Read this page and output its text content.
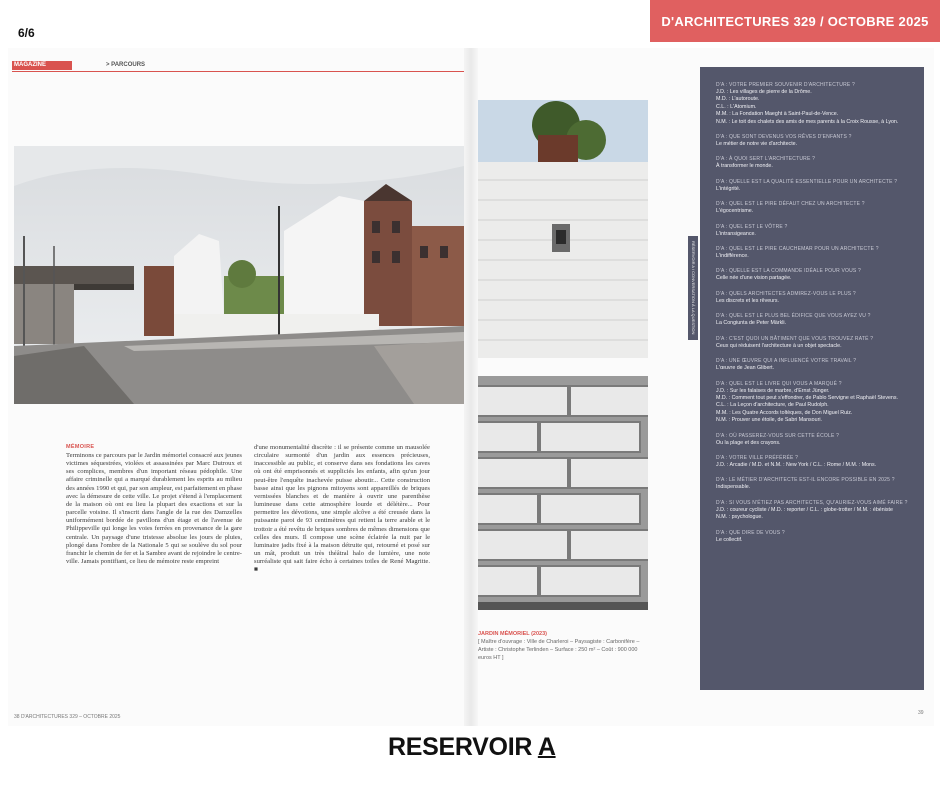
6/6
D'ARCHITECTURES 329 / OCTOBRE 2025
MAGAZINE	> PARCOURS
MÉMOIRE
Terminons ce parcours par le Jardin mémoriel consacré aux jeunes victimes séquestrées, violées et assassinées par Marc Dutroux et ses complices, membres d'un important réseau pédophile. Une affaire criminelle qui a marqué durablement les esprits au milieu des années 1990 et qui, par son ampleur, est parfaitement en phase avec la démesure de cette ville. Le projet s'étend à l'emplacement de la maison où ont eu lieu la plupart des exactions et sur la parcelle voisine. Il s'inscrit dans l'angle de la rue des Damzelles uniformément bordée de pavillons d'un étage et de l'avenue de Philippeville qui longe les voies ferrées en provenance de la gare centrale. Un paysage d'une tristesse absolue les jours de pluies, plongé dans l'ombre de la Nationale 5 qui se soulève du sol pour franchir le chemin de fer et la Sambre avant de rejoindre le centre-ville. Jamais pontifiant, ce lieu de mémoire reste empreint
d'une monumentalité discrète : il se présente comme un mausolée circulaire surmonté d'un jardin aux essences précieuses, inaccessible au public, et conserve dans ses fondations les caves où ont été emprisonnés et suppliciés les enfants, afin qu'un jour peut-être l'enquête inachevée puisse aboutir... Cette construction basse ainsi que les pignons mitoyens sont appareillés de briques vernissées blanches et de manière à ouvrir une parenthèse lumineuse dans cette atmosphère lourde et délétère... Pour permettre les dévotions, une simple alcôve a été creusée dans la puissante paroi de 93 centimètres qui retient la terre arable et le trottoir a été revêtu de briques sombres de mêmes dimensions que celles des murs. Il compose une scène éclairée la nuit par le luminaire jadis fixé à la maison détruite qui, retourné et posé sur un mât, produit un très théâtral halo de lumière, une note surréaliste qui sait faire écho à certaines toiles de René Magritte. ■
JARDIN MÉMORIEL (2023)
[ Maître d'ouvrage : Ville de Charleroi – Paysagiste : Carbonifère – Artiste : Christophe Terlinden – Surface : 250 m² – Coût : 900 000 euros HT ]
38 D'ARCHITECTURES 329 – OCTOBRE 2025
39
RÉSERVOIR A / CONVERSATION À LA QUESTION
D'A : VOTRE PREMIER SOUVENIR D'ARCHITECTURE ?
J.D. : Les villages de pierre de la Drôme.
M.D. : L'autoroute.
C.L. : L'Atomium.
M.M. : La Fondation Maeght à Saint-Paul-de-Vence.
N.M. : Le toit des chalets des amis de mes parents à la Croix Rousse, à Lyon.
D'A : QUE SONT DEVENUS VOS RÊVES D'ENFANTS ?
Le métier de notre vie d'architecte.
D'A : À QUOI SERT L'ARCHITECTURE ?
À transformer le monde.
D'A : QUELLE EST LA QUALITÉ ESSENTIELLE POUR UN ARCHITECTE ?
L'intégrité.
D'A : QUEL EST LE PIRE DÉFAUT CHEZ UN ARCHITECTE ?
L'égocentrisme.
D'A : QUEL EST LE VÔTRE ?
L'intransigeance.
D'A : QUEL EST LE PIRE CAUCHEMAR POUR UN ARCHITECTE ?
L'indifférence.
D'A : QUELLE EST LA COMMANDE IDÉALE POUR VOUS ?
Celle née d'une vision partagée.
D'A : QUELS ARCHITECTES ADMIREZ-VOUS LE PLUS ?
Les discrets et les rêveurs.
D'A : QUEL EST LE PLUS BEL ÉDIFICE QUE VOUS AYEZ VU ?
La Congiunta de Peter Märkli.
D'A : C'EST QUOI UN BÂTIMENT QUE VOUS TROUVEZ RATÉ ?
Ceux qui réduisent l'architecture à un objet spectacle.
D'A : UNE ŒUVRE QUI A INFLUENCÉ VOTRE TRAVAIL ?
L'œuvre de Jean Glibert.
D'A : QUEL EST LE LIVRE QUI VOUS A MARQUÉ ?
J.D. : Sur les falaises de marbre, d'Ernst Jünger.
M.D. : Comment tout peut s'effondrer, de Pablo Servigne et Raphaël Stevens.
C.L. : La Leçon d'architecture, de Paul Rudolph.
M.M. : Les Quatre Accords toltèques, de Don Miguel Ruiz.
N.M. : Prouver une étoile, de Sabri Mansouri.
D'A : OÙ PASSEREZ-VOUS SUR CETTE ÉCOLE ?
Ou la plage et des crayons.
D'A : VOTRE VILLE PRÉFÉRÉE ?
J.D. : Arcadie / M.D. et N.M. : New York / C.L. : Rome / M.M. : Mons.
D'A : LE MÉTIER D'ARCHITECTE EST-IL ENCORE POSSIBLE EN 2025 ?
Indispensable.
D'A : SI VOUS N'ÉTIEZ PAS ARCHITECTES, QU'AURIEZ-VOUS AIMÉ FAIRE ?
J.D. : coureur cycliste / M.D. : reporter / C.L. : globe-trotter / M.M. : ébéniste
N.M. : psychologue.
D'A : QUE DIRE DE VOUS ?
Le collectif.
RESERVOIR A
